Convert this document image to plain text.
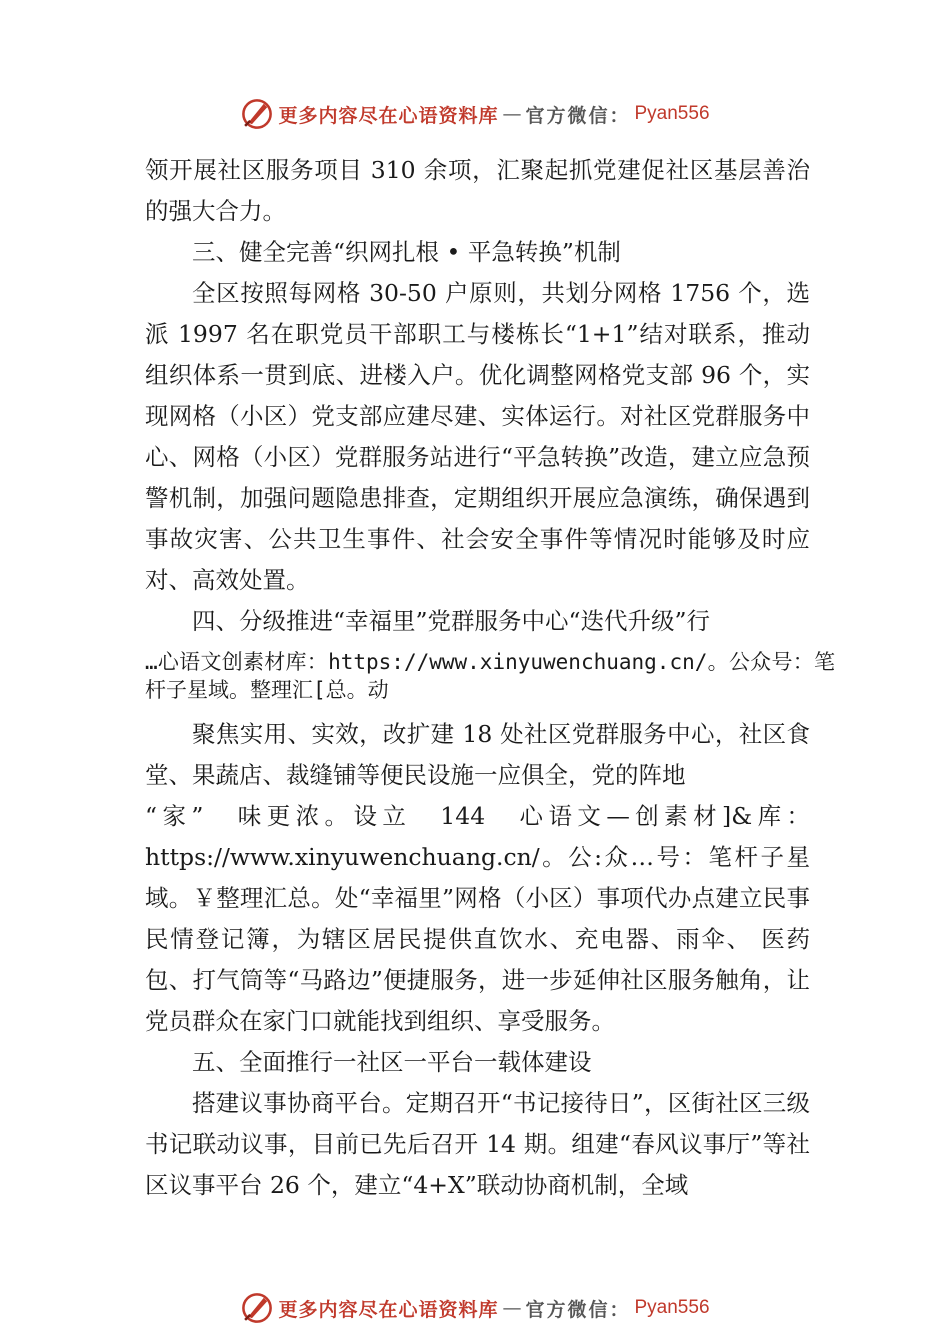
更多内容尽在心语资料库 — 官方微信： Pyan556

领开展社区服务项目 310 余项，汇聚起抓党建促社区基层善治的强大合力。

三、健全完善“织网扎根 • 平急转换”机制

全区按照每网格 30-50 户原则，共划分网格 1756 个，选派 1997 名在职党员干部职工与楼栋长“1+1”结对联系，推动组织体系一贯到底、进楼入户。优化调整网格党支部 96 个，实现网格（小区）党支部应建尽建、实体运行。对社区党群服务中心、网格（小区）党群服务站进行“平急转换”改造，建立应急预警机制，加强问题隐患排查，定期组织开展应急演练，确保遇到事故灾害、公共卫生事件、社会安全事件等情况时能够及时应对、高效处置。

四、分级推进“幸福里”党群服务中心“迭代升级”行

…心语文创素材库：https://www.xinyuwenchuang.cn/。公众号：笔杆子星域。整理汇[总。动

聚焦实用、实效，改扩建 18 处社区党群服务中心，社区食堂、果蔬店、裁缝铺等便民设施一应俱全，党的阵地

“家”　味更浓。设立　144　心语文—创素材]&库：

https://www.xinyuwenchuang.cn/。公:众…号：笔杆子星域。￥整理汇总。处“幸福里”网格（小区）事项代办点建立民事民情登记簿，为辖区居民提供直饮水、充电器、雨伞、 医药包、打气筒等“马路边”便捷服务，进一步延伸社区服务触角，让党员群众在家门口就能找到组织、享受服务。

五、全面推行一社区一平台一载体建设

搭建议事协商平台。定期召开“书记接待日”，区街社区三级书记联动议事，目前已先后召开 14 期。组建“春风议事厅”等社区议事平台 26 个，建立“4+X”联动协商机制，全域

更多内容尽在心语资料库 — 官方微信： Pyan556
